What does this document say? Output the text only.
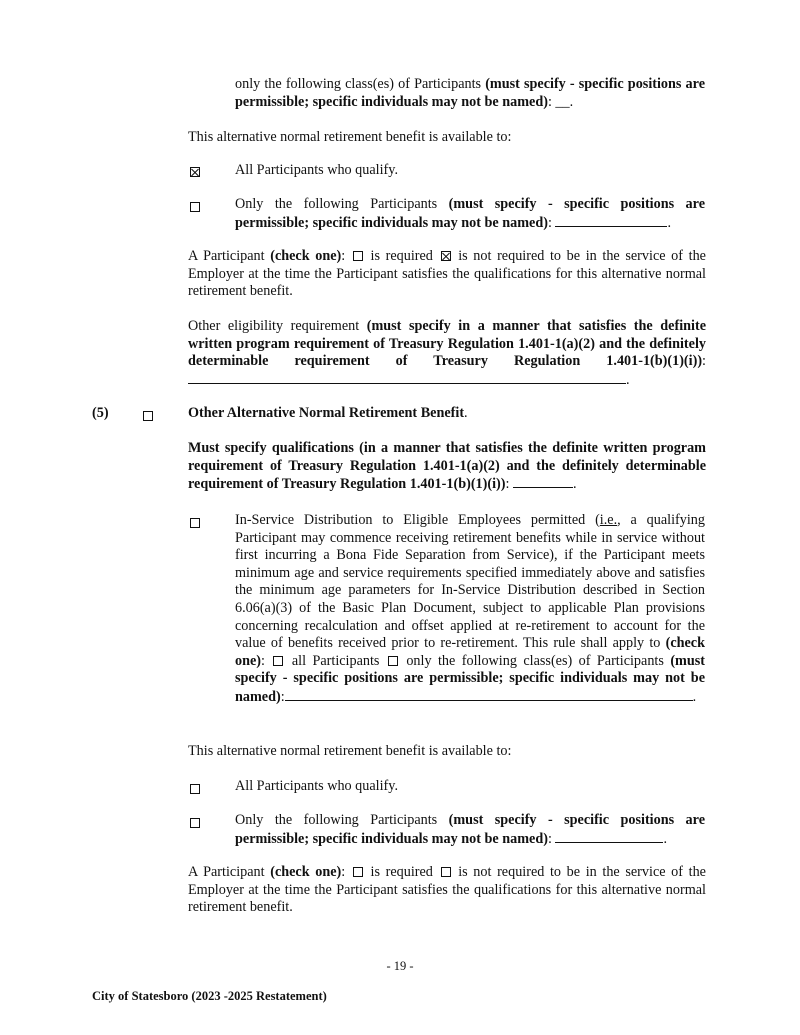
only the following class(es) of Participants (must specify - specific positions are permissible; specific individuals may not be named): __.
This alternative normal retirement benefit is available to:
All Participants who qualify.
Only the following Participants (must specify - specific positions are permissible; specific individuals may not be named):	.
A Participant (check one):  is required  is not required to be in the service of the Employer at the time the Participant satisfies the qualifications for this alternative normal retirement benefit.
Other eligibility requirement (must specify in a manner that satisfies the definite written program requirement of Treasury Regulation 1.401-1(a)(2) and the definitely determinable requirement of Treasury Regulation 1.401-1(b)(1)(i)): .
(5)	Other Alternative Normal Retirement Benefit.
Must specify qualifications (in a manner that satisfies the definite written program requirement of Treasury Regulation 1.401-1(a)(2) and the definitely determinable requirement of Treasury Regulation 1.401-1(b)(1)(i)):	.
In-Service Distribution to Eligible Employees permitted (i.e., a qualifying Participant may commence receiving retirement benefits while in service without first incurring a Bona Fide Separation from Service), if the Participant meets minimum age and service requirements specified immediately above and satisfies the minimum age parameters for In-Service Distribution described in Section 6.06(a)(3) of the Basic Plan Document, subject to applicable Plan provisions concerning recalculation and offset applied at re-retirement to account for the value of benefits received prior to re-retirement. This rule shall apply to (check one):  all Participants  only the following class(es) of Participants (must specify - specific positions are permissible; specific individuals may not be named):	.
This alternative normal retirement benefit is available to:
All Participants who qualify.
Only the following Participants (must specify - specific positions are permissible; specific individuals may not be named):	.
A Participant (check one):  is required  is not required to be in the service of the Employer at the time the Participant satisfies the qualifications for this alternative normal retirement benefit.
- 19 -
City of Statesboro (2023 -2025 Restatement)
